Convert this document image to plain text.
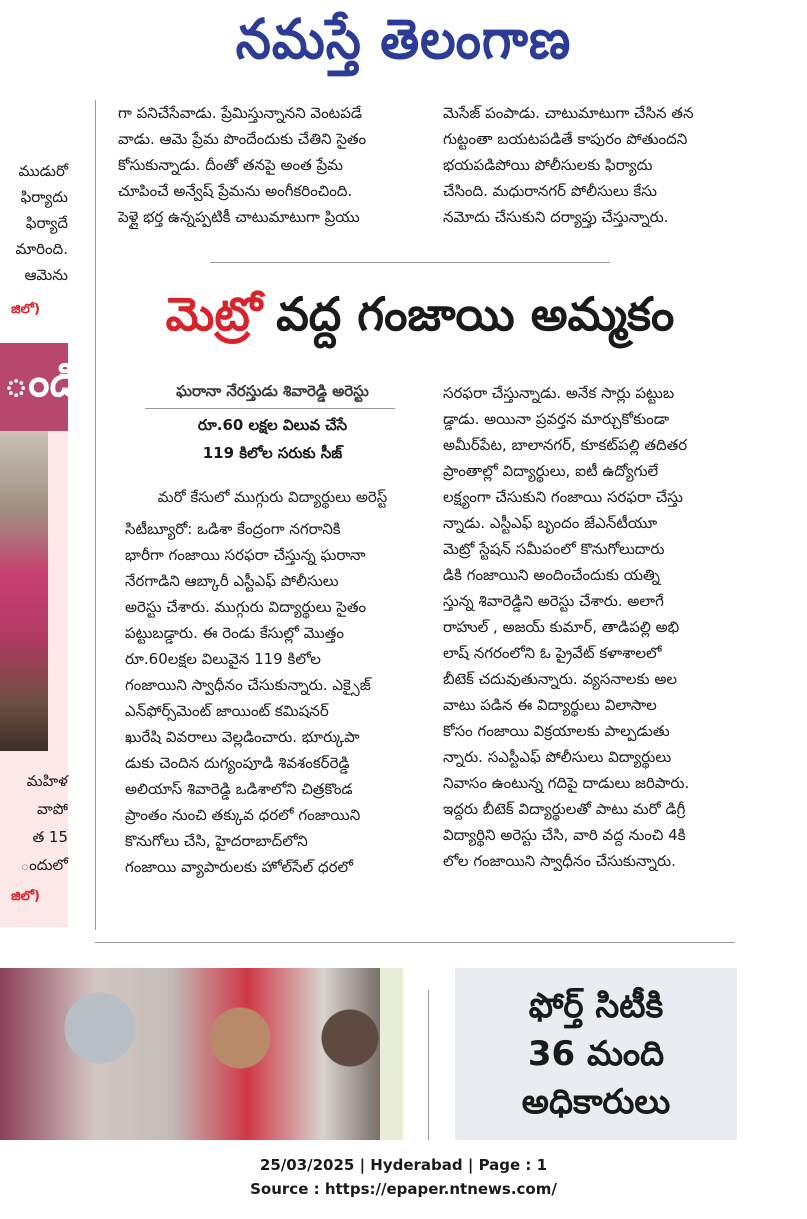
నమస్తే తెలంగాణ
ముడురో
ఫిర్యాదు
ఫిర్యాదే
మారింది.
ఆమెను
జిలో)
ండి
మహిళ
వాపో
త 15
ందులో
జిలో)

గా పనిచేసేవాడు. ప్రేమిస్తున్నానని వెంటపడే

వాడు. ఆమె ప్రేమ పొందేందుకు చేతిని సైతం

కోసుకున్నాడు. దీంతో తనపై అంత ప్రేమ

చూపించే అన్వేష్ ప్రేమను అంగీకరించింది.

పెళ్లై భర్త ఉన్నప్పటికీ చాటుమాటుగా ప్రియు

మెసేజ్ పంపాడు. చాటుమాటుగా చేసిన తన

గుట్టంతా బయటపడితే కాపురం పోతుందని

భయపడిపోయి పోలీసులకు ఫిర్యాదు

చేసింది. మధురానగర్ పోలీసులు కేసు

నమోదు చేసుకుని దర్యాప్తు చేస్తున్నారు.

మెట్రో వద్ద గంజాయి అమ్మకం
ఘరానా నేరస్తుడు శివారెడ్డి అరెస్టు
రూ.60 లక్షల విలువ చేసే
119 కిలోల సరుకు సీజ్
మరో కేసులో ముగ్గురు విద్యార్థులు అరెస్ట్

సిటీబ్యూరో: ఒడిశా కేంద్రంగా నగరానికి

భారీగా గంజాయి సరఫరా చేస్తున్న ఘరానా

నేరగాడిని ఆబ్కారీ ఎస్టీఎఫ్ పోలీసులు

అరెస్టు చేశారు. ముగ్గురు విద్యార్థులు సైతం

పట్టుబడ్డారు. ఈ రెండు కేసుల్లో మొత్తం

రూ.60లక్షల విలువైన 119 కిలోల

గంజాయిని స్వాధీనం చేసుకున్నారు. ఎక్సైజ్

ఎన్‌ఫోర్స్‌మెంట్ జాయింట్ కమిషనర్

ఖురేషి వివరాలు వెల్లడించారు. భూర్కుపా

డుకు చెందిన దుగ్యంపూడి శివశంకర్‌రెడ్డి

అలియాస్ శివారెడ్డి ఒడిశాలోని చిత్రకొండ

ప్రాంతం నుంచి తక్కువ ధరలో గంజాయిని

కొనుగోలు చేసి, హైదరాబాద్‌లోని

గంజాయి వ్యాపారులకు హోల్‌సేల్ ధరలో

సరఫరా చేస్తున్నాడు. అనేక సార్లు పట్టుబ

డ్డాడు. అయినా ప్రవర్తన మార్చుకోకుండా

అమీర్‌పేట, బాలానగర్, కూకట్‌పల్లి తదితర

ప్రాంతాల్లో విద్యార్థులు, ఐటీ ఉద్యోగులే

లక్ష్యంగా చేసుకుని గంజాయి సరఫరా చేస్తు

న్నాడు. ఎస్టీఎఫ్ బృందం జేఎన్‌టీయూ

మెట్రో స్టేషన్ సమీపంలో కొనుగోలుదారు

డికి గంజాయిని అందించేందుకు యత్ని

స్తున్న శివారెడ్డిని అరెస్టు చేశారు. అలాగే

రాహుల్ , అజయ్ కుమార్, తాడిపల్లి అభి

లాష్ నగరంలోని ఓ ప్రైవేట్ కళాశాలలో

బీటెక్ చదువుతున్నారు. వ్యసనాలకు అల

వాటు పడిన ఈ విద్యార్థులు విలాసాల

కోసం గంజాయి విక్రయాలకు పాల్పడుతు

న్నారు. సఎస్టీఎఫ్ పోలీసులు విద్యార్థులు

నివాసం ఉంటున్న గదిపై దాడులు జరిపారు.

ఇద్దరు బీటెక్ విద్యార్థులతో పాటు మరో డిగ్రీ

విద్యార్థిని అరెస్టు చేసి, వారి వద్ద నుంచి 4కి

లోల గంజాయిని స్వాధీనం చేసుకున్నారు.

ఫోర్త్ సిటీకి
36 మంది
అధికారులు
25/03/2025 | Hyderabad | Page : 1
Source : https://epaper.ntnews.com/
